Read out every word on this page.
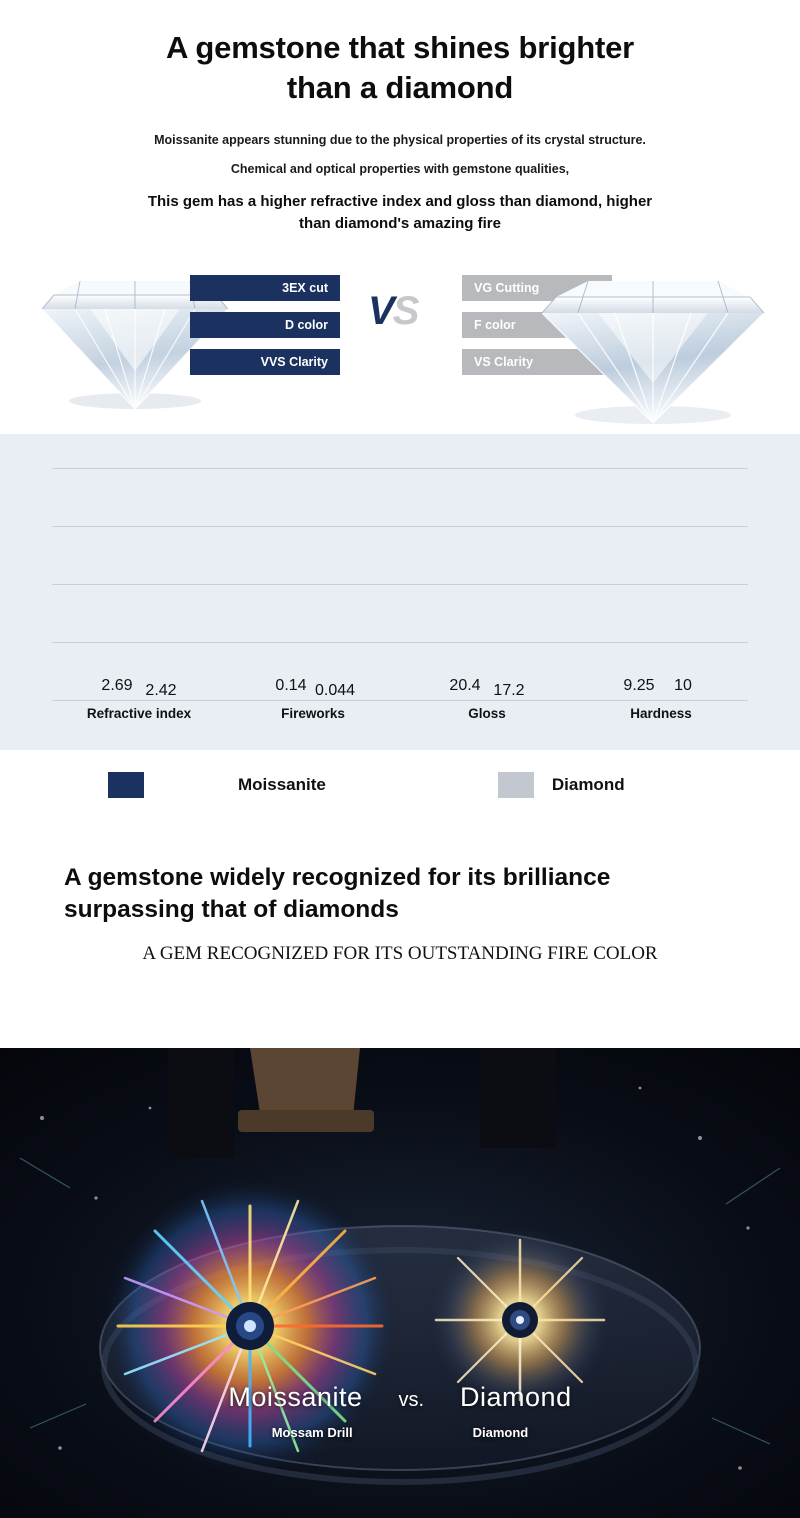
A gemstone that shines brighter
than a diamond
Moissanite appears stunning due to the physical properties of its crystal structure.
Chemical and optical properties with gemstone qualities,
This gem has a higher refractive index and gloss than diamond, higher
than diamond's amazing fire
3EX cut
D color
VVS Clarity
VS
VG Cutting
F color
VS Clarity
2.69 2.42	0.14 0.044	20.4 17.2	9.25 10
Refractive index	Fireworks	Gloss	Hardness
Moissanite	Diamond
A gemstone widely recognized for its brilliance
surpassing that of diamonds
A GEM RECOGNIZED FOR ITS OUTSTANDING FIRE COLOR
Moissanite vs. Diamond
Mossam Drill	Diamond
